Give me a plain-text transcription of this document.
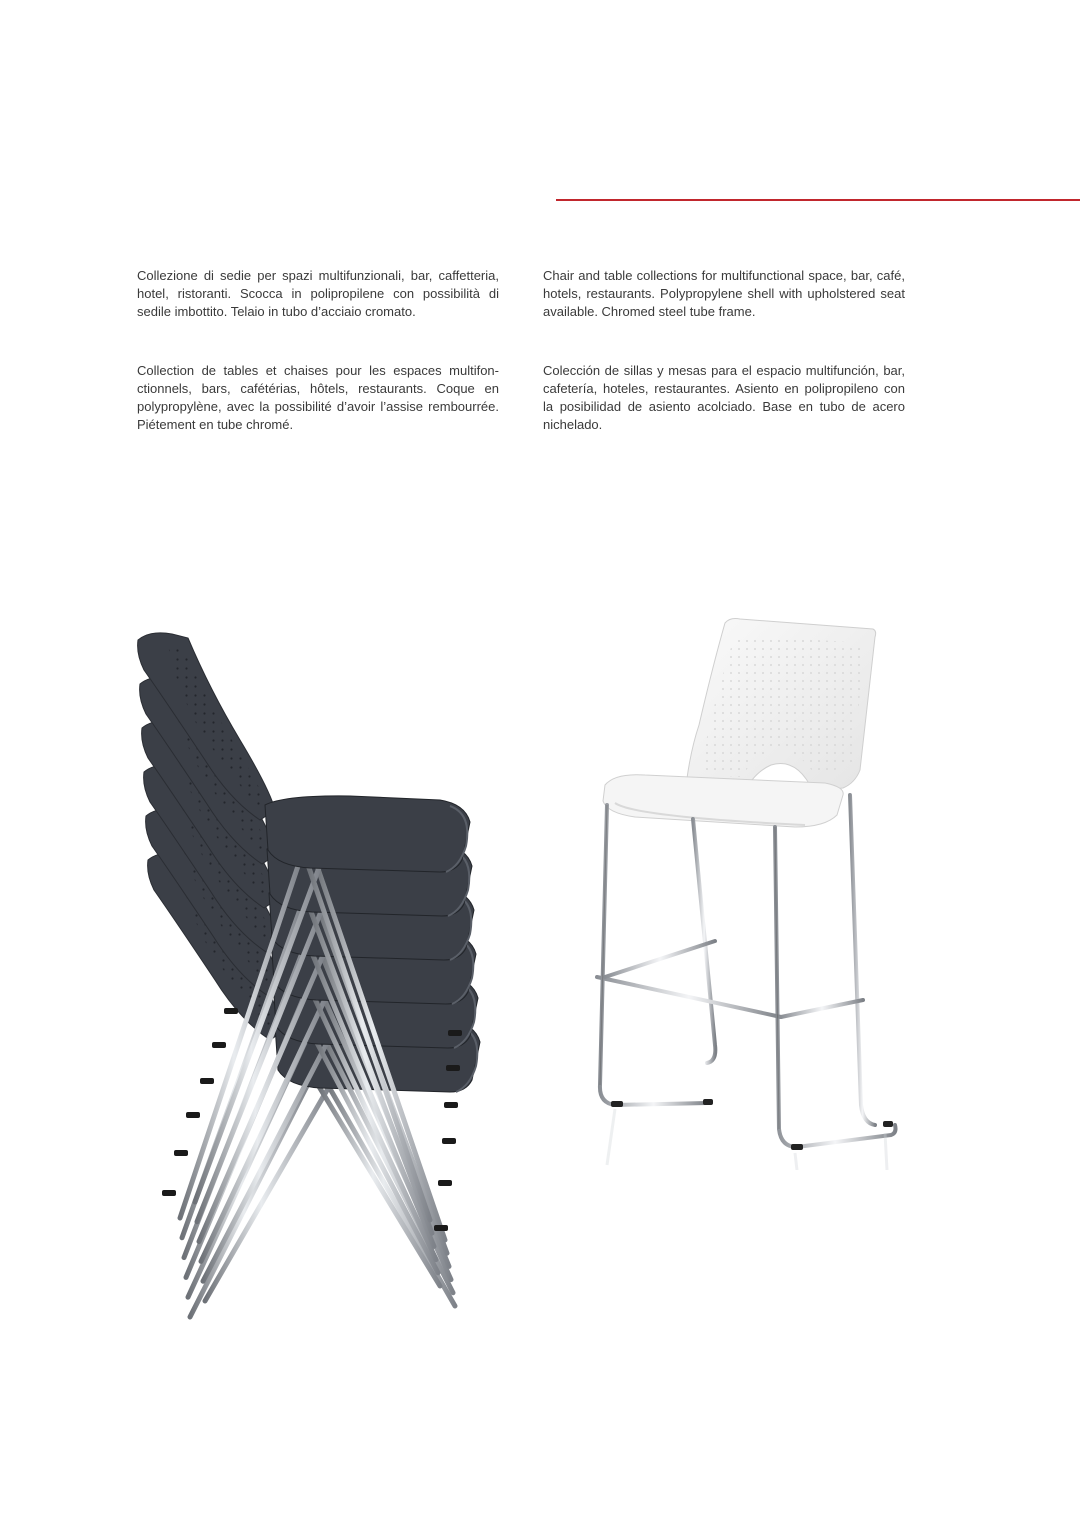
Collezione di sedie per spazi multifunzionali, bar, caffetteria, hotel, ristoranti. Scocca in polipropilene con possibilità di sedile imbottito. Telaio in tubo d’acciaio cromato.

Chair and table collections for multifunctional space, bar, café, hotels, restaurants. Polypropylene shell with upholstered seat available. Chromed steel tube frame.

Collection de tables et chaises pour les espaces multifonctionnels, bars, cafétérias, hôtels, restaurants. Coque en polypropylène, avec la possibilité d’avoir l’assise rembourrée. Piétement en tube chromé.

Colección de sillas y mesas para el espacio multifunción, bar, cafetería, hoteles, restaurantes. Asiento en polipropileno con la posibilidad de asiento acolciado. Base en tubo de acero nichelado.
